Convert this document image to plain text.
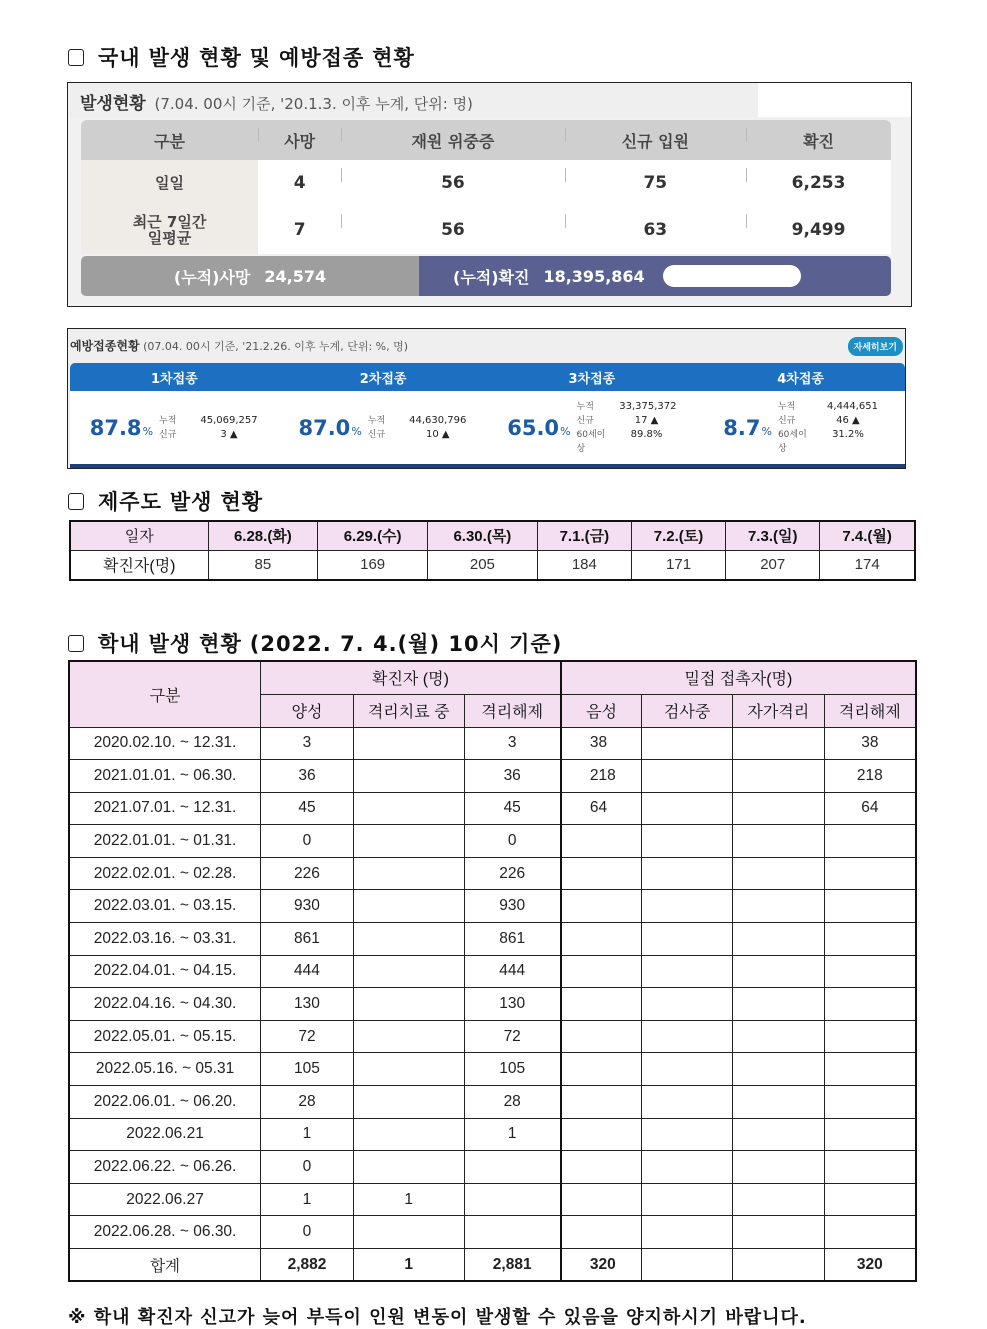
국내 발생 현황 및 예방접종 현황
발생현황 (7.04. 00시 기준, '20.1.3. 이후 누계, 단위: 명)
구분	사망	재원 위중증	신규 입원	확진
일일	4	56	75	6,253

최근 7일간
일평균	7	56	63	9,499
(누적)사망 24,574	(누적)확진 18,395,864
예방접종현황 (07.04. 00시 기준, '21.2.26. 이후 누계, 단위: %, 명)	자세히보기
1차접종	2차접종	3차접종	4차접종
87.8%
누적	45,069,257
신규	3 ▲	87.0%
누적	44,630,796
신규	10 ▲	65.0%
누적	33,375,372
신규	17 ▲
60세이상
89.8%	8.7%
누적	4,444,651
신규	46 ▲
60세이상
31.2%
제주도 발생 현황
일자	6.28.(화)	6.29.(수)	6.30.(목)	7.1.(금)	7.2.(토)	7.3.(일)	7.4.(월)
확진자(명)	85	169	205	184	171	207	174
학내 발생 현황 (2022. 7. 4.(월) 10시 기준)
구분	확진자 (명)			밀접 접촉자(명)			
	양성	격리치료 중	격리해제	음성	검사중	자가격리	격리해제
2020.02.10. ~ 12.31.	3		3	38			38
2021.01.01. ~ 06.30.	36		36	218			218
2021.07.01. ~ 12.31.	45		45	64			64
2022.01.01. ~ 01.31.	0		0				
2022.02.01. ~ 02.28.	226		226				
2022.03.01. ~ 03.15.	930		930				
2022.03.16. ~ 03.31.	861		861				
2022.04.01. ~ 04.15.	444		444				
2022.04.16. ~ 04.30.	130		130				
2022.05.01. ~ 05.15.	72		72				
2022.05.16. ~ 05.31	105		105				
2022.06.01. ~ 06.20.	28		28				
2022.06.21	1		1				
2022.06.22. ~ 06.26.	0						
2022.06.27	1	1					
2022.06.28. ~ 06.30.	0						
합계	2,882	1	2,881	320			320
※ 학내 확진자 신고가 늦어 부득이 인원 변동이 발생할 수 있음을 양지하시기 바랍니다.
